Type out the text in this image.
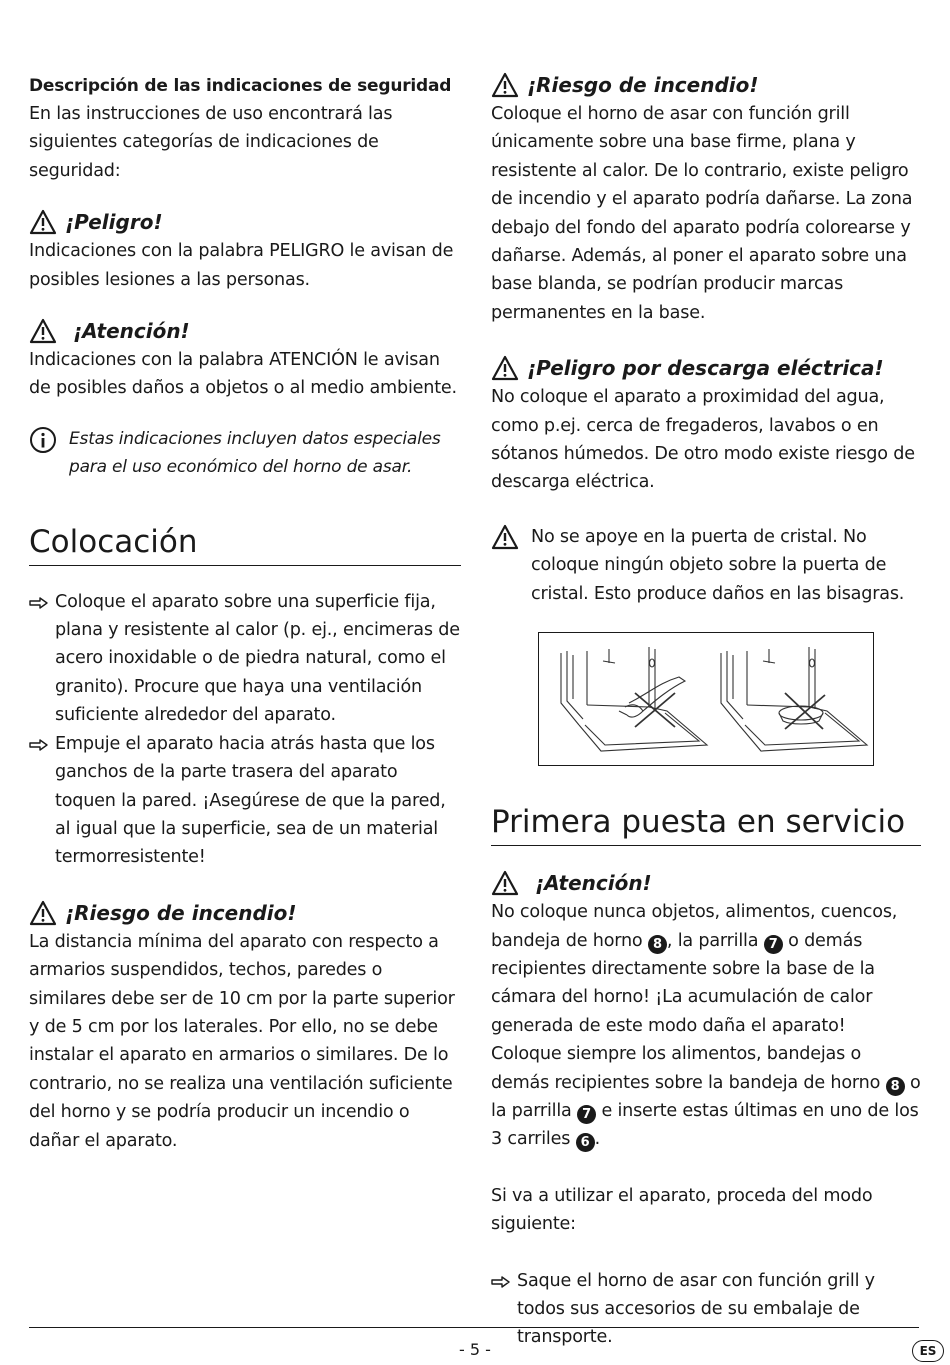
Descripción de las indicaciones de seguridad

En las instrucciones de uso encontrará las siguientes categorías de indicaciones de seguridad:

¡Peligro!

Indicaciones con la palabra PELIGRO le avisan de posibles lesiones a las personas.

¡Atención!

Indicaciones con la palabra ATENCIÓN le avisan de posibles daños a objetos o al medio ambiente.

Estas indicaciones incluyen datos especiales para el uso económico del horno de asar.

Colocación

Coloque el aparato sobre una superficie fija, plana y resistente al calor (p. ej., encimeras de acero inoxidable o de piedra natural, como el granito). Procure que haya una ventilación suficiente alrededor del aparato.

Empuje el aparato hacia atrás hasta que los ganchos de la parte trasera del aparato toquen la pared. ¡Asegúrese de que la pared, al igual que la superficie, sea de un material termorresistente!

¡Riesgo de incendio!

La distancia mínima del aparato con respecto a armarios suspendidos, techos, paredes o similares debe ser de 10 cm por la parte superior y de 5 cm por los laterales. Por ello, no se debe instalar el aparato en armarios o similares. De lo contrario, no se realiza una ventilación suficiente del horno y se podría producir un incendio o dañar el aparato.

¡Riesgo de incendio!

Coloque el horno de asar con función grill únicamente sobre una base firme, plana y resistente al calor. De lo contrario, existe peligro de incendio y el aparato podría dañarse. La zona debajo del fondo del aparato podría colorearse y dañarse. Además, al poner el aparato sobre una base blanda, se podrían producir marcas permanentes en la base.

¡Peligro por descarga eléctrica!

No coloque el aparato a proximidad del agua, como p.ej. cerca de fregaderos, lavabos o en sótanos húmedos. De otro modo existe riesgo de descarga eléctrica.

No se apoye en la puerta de cristal. No coloque ningún objeto sobre la puerta de cristal. Esto produce daños en las bisagras.

Primera puesta en servicio
¡Atención!

No coloque nunca objetos, alimentos, cuencos, bandeja de horno 8 , la parrilla 7 o demás recipientes directamente sobre la base de la cámara del horno! ¡La acumulación de calor generada de este modo daña el aparato! Coloque siempre los alimentos, bandejas o demás recipientes sobre la bandeja de horno 8 o la parrilla 7 e inserte estas últimas en uno de los 3 carriles 6 .

Si va a utilizar el aparato, proceda del modo siguiente:

Saque el horno de asar con función grill y todos sus accesorios de su embalaje de transporte.

- 5 -	ES
